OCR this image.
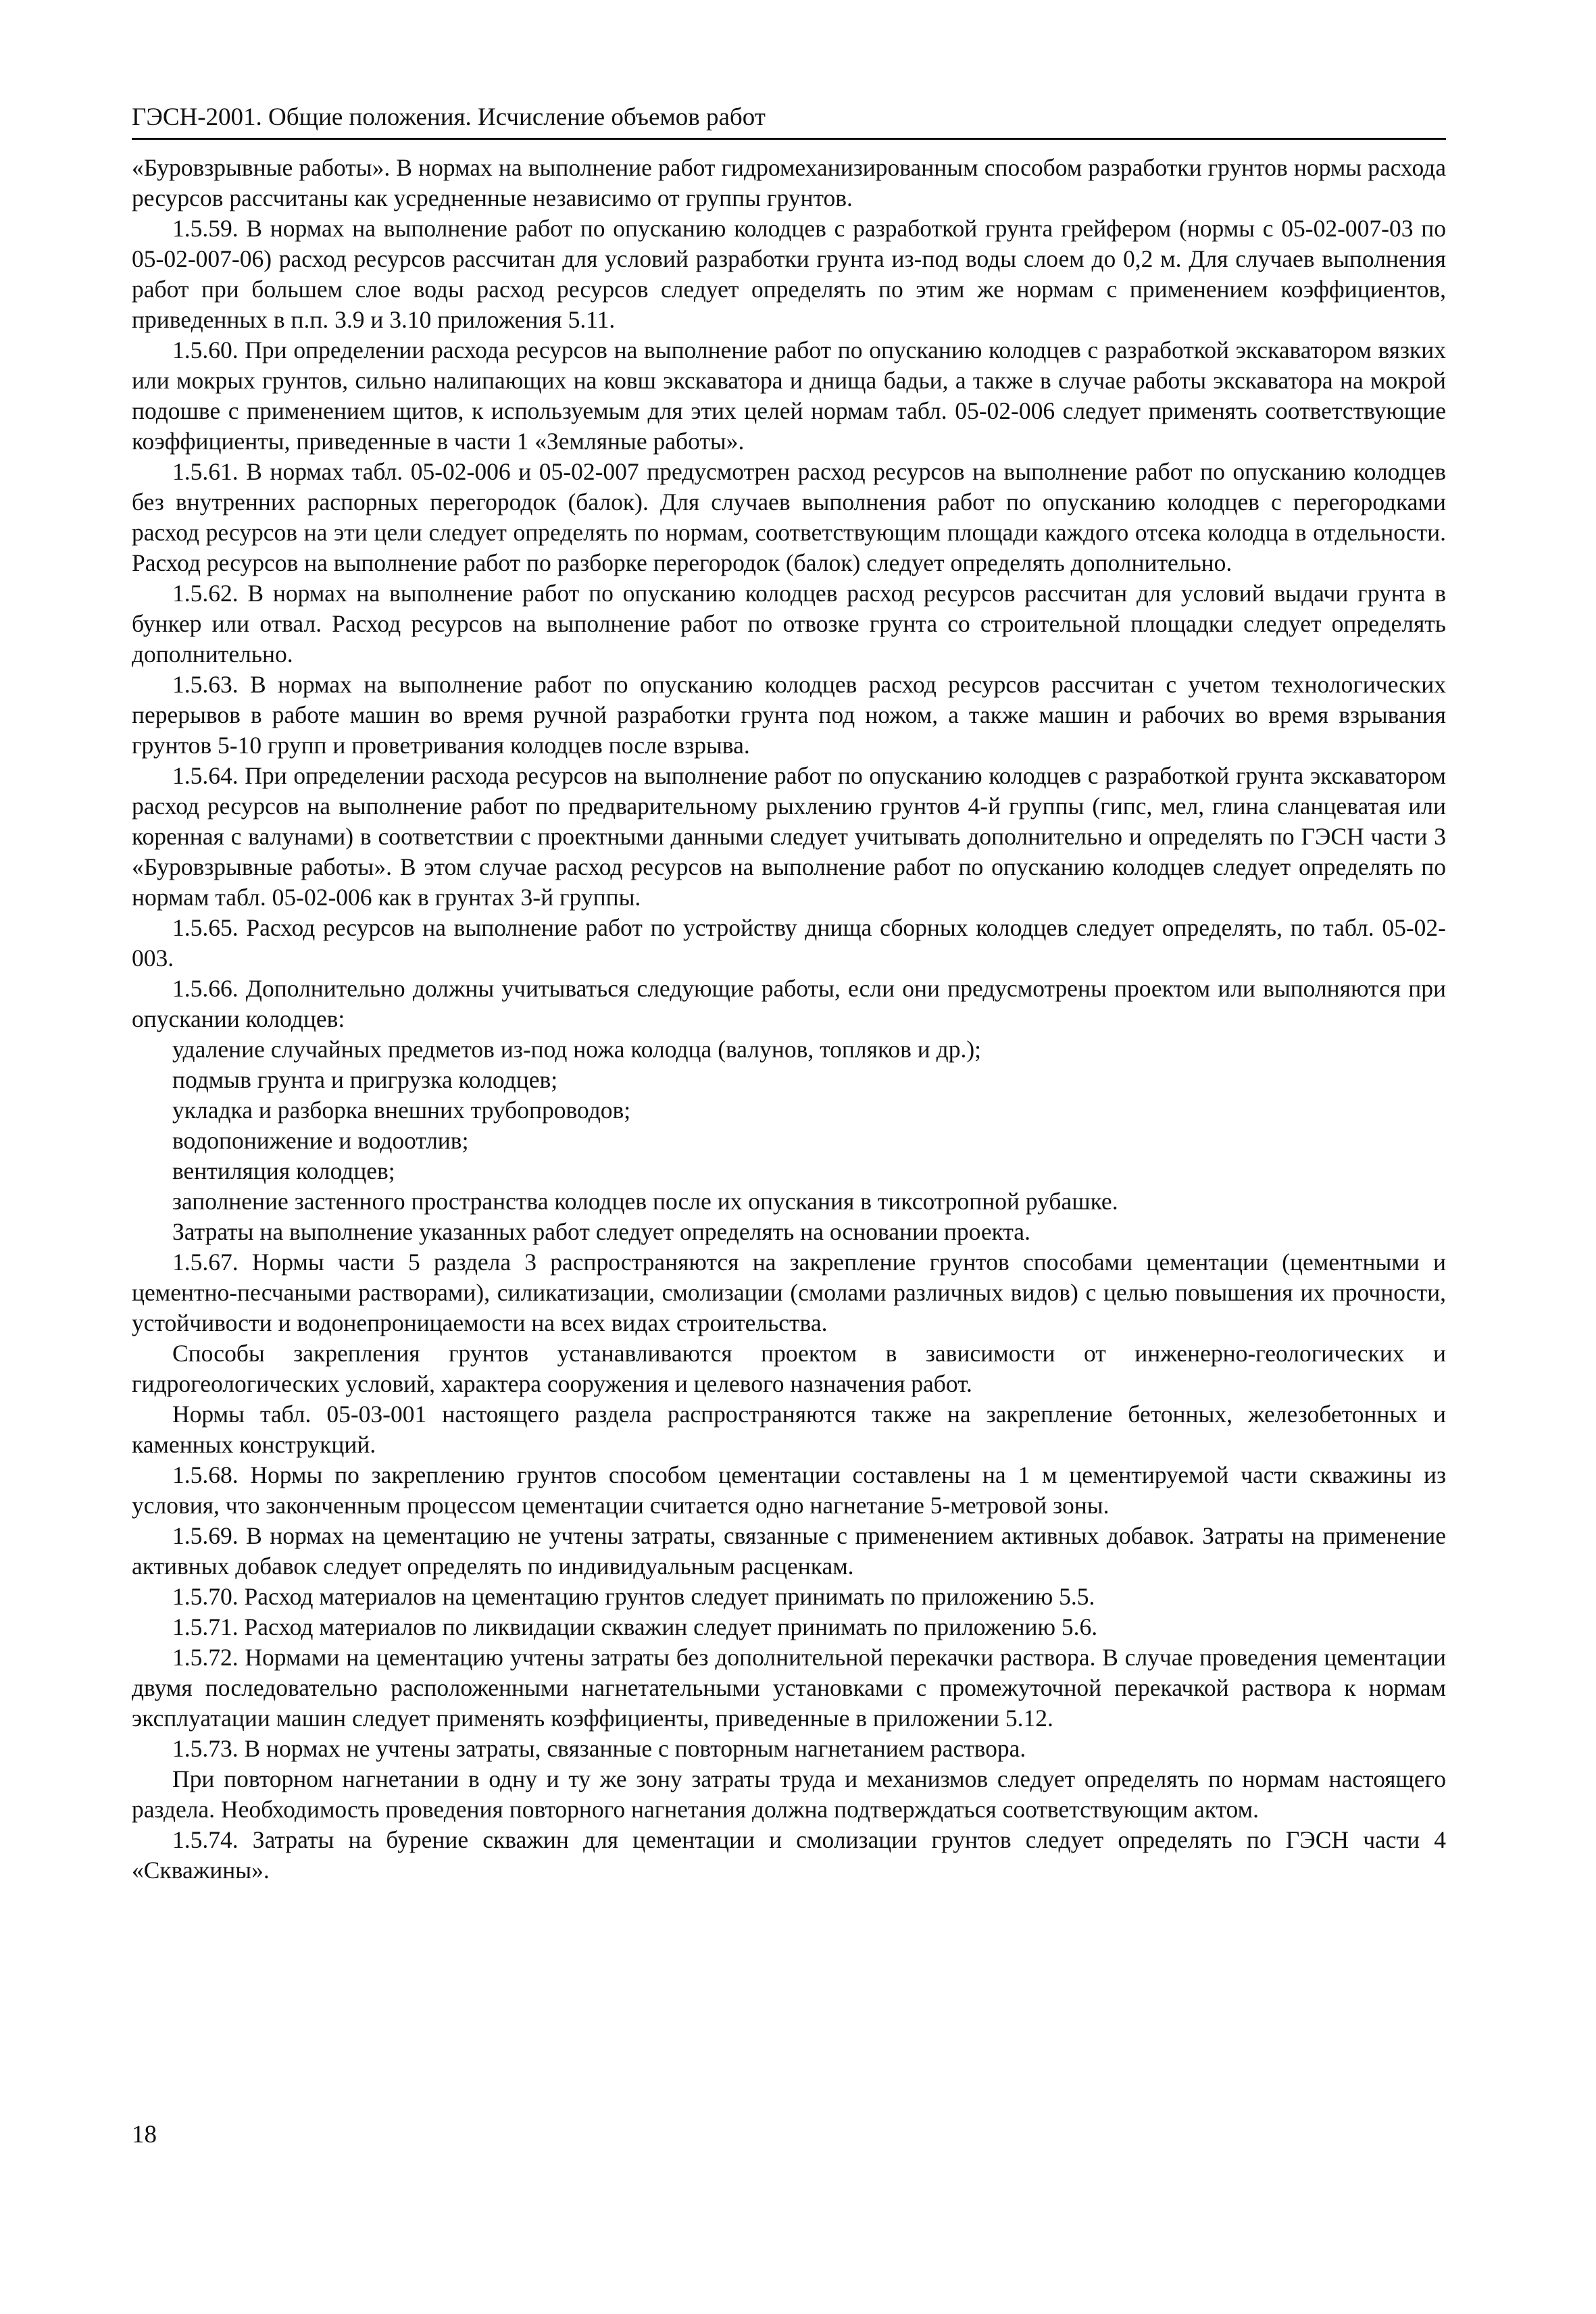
ГЭСН-2001. Общие положения. Исчисление объемов работ

«Буровзрывные работы». В нормах на выполнение работ гидромеханизированным способом разработки грунтов нормы расхода ресурсов рассчитаны как усредненные независимо от группы грунтов.

1.5.59. В нормах на выполнение работ по опусканию колодцев с разработкой грунта грейфером (нормы с 05-02-007-03 по 05-02-007-06) расход ресурсов рассчитан для условий разработки грунта из-под воды слоем до 0,2 м. Для случаев выполнения работ при большем слое воды расход ресурсов следует определять по этим же нормам с применением коэффициентов, приведенных в п.п. 3.9 и 3.10 приложения 5.11.

1.5.60. При определении расхода ресурсов на выполнение работ по опусканию колодцев с разработкой экскаватором вязких или мокрых грунтов, сильно налипающих на ковш экскаватора и днища бадьи, а также в случае работы экскаватора на мокрой подошве с применением щитов, к используемым для этих целей нормам табл. 05-02-006 следует применять соответствующие коэффициенты, приведенные в части 1 «Земляные работы».

1.5.61. В нормах табл. 05-02-006 и 05-02-007 предусмотрен расход ресурсов на выполнение работ по опусканию колодцев без внутренних распорных перегородок (балок). Для случаев выполнения работ по опусканию колодцев с перегородками расход ресурсов на эти цели следует определять по нормам, соответствующим площади каждого отсека колодца в отдельности. Расход ресурсов на выполнение работ по разборке перегородок (балок) следует определять дополнительно.

1.5.62. В нормах на выполнение работ по опусканию колодцев расход ресурсов рассчитан для условий выдачи грунта в бункер или отвал. Расход ресурсов на выполнение работ по отвозке грунта со строительной площадки следует определять дополнительно.

1.5.63. В нормах на выполнение работ по опусканию колодцев расход ресурсов рассчитан с учетом технологических перерывов в работе машин во время ручной разработки грунта под ножом, а также машин и рабочих во время взрывания грунтов 5-10 групп и проветривания колодцев после взрыва.

1.5.64. При определении расхода ресурсов на выполнение работ по опусканию колодцев с разработкой грунта экскаватором расход ресурсов на выполнение работ по предварительному рыхлению грунтов 4-й группы (гипс, мел, глина сланцеватая или коренная с валунами) в соответствии с проектными данными следует учитывать дополнительно и определять по ГЭСН части 3 «Буровзрывные работы». В этом случае расход ресурсов на выполнение работ по опусканию колодцев следует определять по нормам табл. 05-02-006 как в грунтах 3-й группы.

1.5.65. Расход ресурсов на выполнение работ по устройству днища сборных колодцев следует определять, по табл. 05-02-003.

1.5.66. Дополнительно должны учитываться следующие работы, если они предусмотрены проектом или выполняются при опускании колодцев:

удаление случайных предметов из-под ножа колодца (валунов, топляков и др.);

подмыв грунта и пригрузка колодцев;

укладка и разборка внешних трубопроводов;

водопонижение и водоотлив;

вентиляция колодцев;

заполнение застенного пространства колодцев после их опускания в тиксотропной рубашке.

Затраты на выполнение указанных работ следует определять на основании проекта.

1.5.67. Нормы части 5 раздела 3 распространяются на закрепление грунтов способами цементации (цементными и цементно-песчаными растворами), силикатизации, смолизации (смолами различных видов) с целью повышения их прочности, устойчивости и водонепроницаемости на всех видах строительства.

Способы закрепления грунтов устанавливаются проектом в зависимости от инженерно-геологических и гидрогеологических условий, характера сооружения и целевого назначения работ.

Нормы табл. 05-03-001 настоящего раздела распространяются также на закрепление бетонных, железобетонных и каменных конструкций.

1.5.68. Нормы по закреплению грунтов способом цементации составлены на 1 м цементируемой части скважины из условия, что законченным процессом цементации считается одно нагнетание 5-метровой зоны.

1.5.69. В нормах на цементацию не учтены затраты, связанные с применением активных добавок. Затраты на применение активных добавок следует определять по индивидуальным расценкам.

1.5.70. Расход материалов на цементацию грунтов следует принимать по приложению 5.5.

1.5.71. Расход материалов по ликвидации скважин следует принимать по приложению 5.6.

1.5.72. Нормами на цементацию учтены затраты без дополнительной перекачки раствора. В случае проведения цементации двумя последовательно расположенными нагнетательными установками с промежуточной перекачкой раствора к нормам эксплуатации машин следует применять коэффициенты, приведенные в приложении 5.12.

1.5.73. В нормах не учтены затраты, связанные с повторным нагнетанием раствора.

При повторном нагнетании в одну и ту же зону затраты труда и механизмов следует определять по нормам настоящего раздела. Необходимость проведения повторного нагнетания должна подтверждаться соответствующим актом.

1.5.74. Затраты на бурение скважин для цементации и смолизации грунтов следует определять по ГЭСН части 4 «Скважины».

18
